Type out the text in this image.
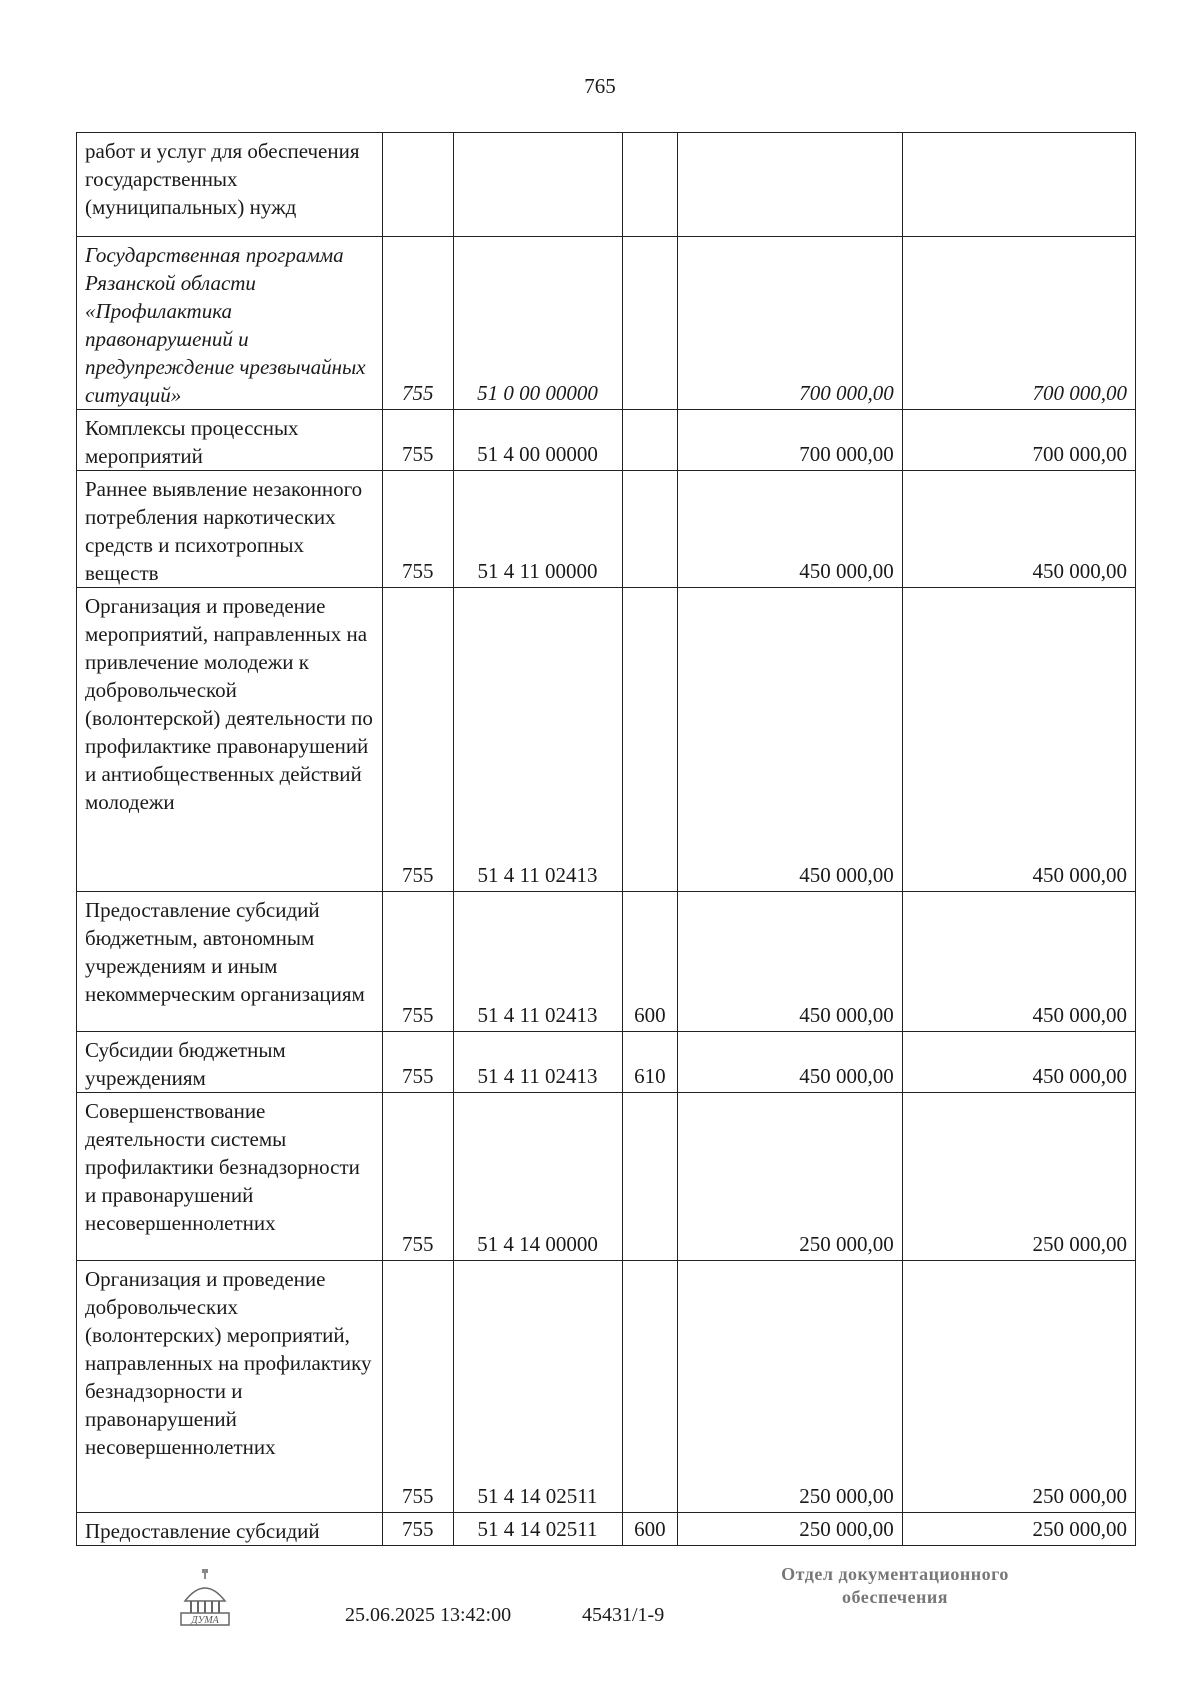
765
работ и услуг для обеспечения государственных (муниципальных) нужд					
Государственная программа Рязанской области «Профилактика правонарушений и предупреждение чрезвычайных ситуаций»	755	51 0 00 00000		700 000,00	700 000,00
Комплексы процессных мероприятий	755	51 4 00 00000		700 000,00	700 000,00
Раннее выявление незаконного потребления наркотических средств и психотропных веществ	755	51 4 11 00000		450 000,00	450 000,00
Организация и проведение мероприятий, направленных на привлечение молодежи к добровольческой (волонтерской) деятельности по профилактике правонарушений и антиобщественных действий молодежи	755	51 4 11 02413		450 000,00	450 000,00
Предоставление субсидий бюджетным, автономным учреждениям и иным некоммерческим организациям	755	51 4 11 02413	600	450 000,00	450 000,00
Субсидии бюджетным учреждениям	755	51 4 11 02413	610	450 000,00	450 000,00
Совершенствование деятельности системы профилактики безнадзорности и правонарушений несовершеннолетних	755	51 4 14 00000		250 000,00	250 000,00
Организация и проведение добровольческих (волонтерских) мероприятий, направленных на профилактику безнадзорности и правонарушений несовершеннолетних	755	51 4 14 02511		250 000,00	250 000,00
Предоставление субсидий	755	51 4 14 02511	600	250 000,00	250 000,00
ДУМА	25.06.2025 13:42:00	45431/1-9
Отдел документационного
обеспечения
